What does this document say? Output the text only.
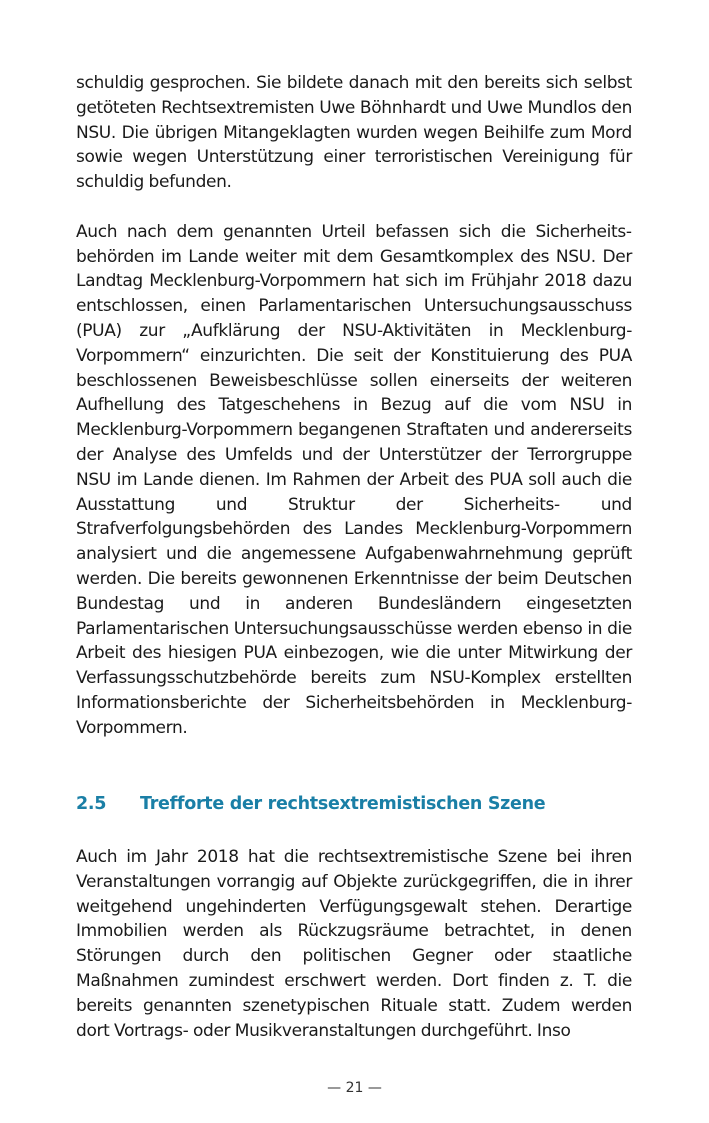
schuldig gesprochen. Sie bildete danach mit den bereits sich selbst getöteten Rechtsextremisten Uwe Böhnhardt und Uwe Mundlos den NSU. Die übrigen Mitangeklagten wurden wegen Beihilfe zum Mord sowie wegen Unterstützung einer terroristischen Vereinigung für schuldig befunden.

Auch nach dem genannten Urteil befassen sich die Sicherheitsbehörden im Lande weiter mit dem Gesamtkomplex des NSU. Der Landtag Mecklenburg-Vorpommern hat sich im Frühjahr 2018 dazu entschlossen, einen Parlamentarischen Untersuchungsausschuss (PUA) zur „Aufklärung der NSU-Aktivitäten in Mecklenburg-Vorpommern“ einzurichten. Die seit der Konstituierung des PUA beschlossenen Beweisbeschlüsse sollen einerseits der weiteren Aufhellung des Tatgeschehens in Bezug auf die vom NSU in Mecklenburg-Vorpommern begangenen Straftaten und andererseits der Analyse des Umfelds und der Unterstützer der Terrorgruppe NSU im Lande dienen. Im Rahmen der Arbeit des PUA soll auch die Ausstattung und Struktur der Sicherheits- und Strafverfolgungsbehörden des Landes Mecklenburg-Vorpommern analysiert und die angemessene Aufgabenwahrnehmung geprüft werden. Die bereits gewonnenen Erkenntnisse der beim Deutschen Bundestag und in anderen Bundesländern eingesetzten Parlamentarischen Untersuchungsausschüsse werden ebenso in die Arbeit des hiesigen PUA einbezogen, wie die unter Mitwirkung der Verfassungsschutzbehörde bereits zum NSU-Komplex erstellten Informationsberichte der Sicherheitsbehörden in Mecklenburg-Vorpommern.

2.5 Trefforte der rechtsextremistischen Szene

Auch im Jahr 2018 hat die rechtsextremistische Szene bei ihren Veranstaltungen vorrangig auf Objekte zurückgegriffen, die in ihrer weitgehend ungehinderten Verfügungsgewalt stehen. Derartige Immobilien werden als Rückzugsräume betrachtet, in denen Störungen durch den politischen Gegner oder staatliche Maßnahmen zumindest erschwert werden. Dort finden z. T. die bereits genannten szenetypischen Rituale statt. Zudem werden dort Vortrags- oder Musikveranstaltungen durchgeführt. Inso

— 21 —
